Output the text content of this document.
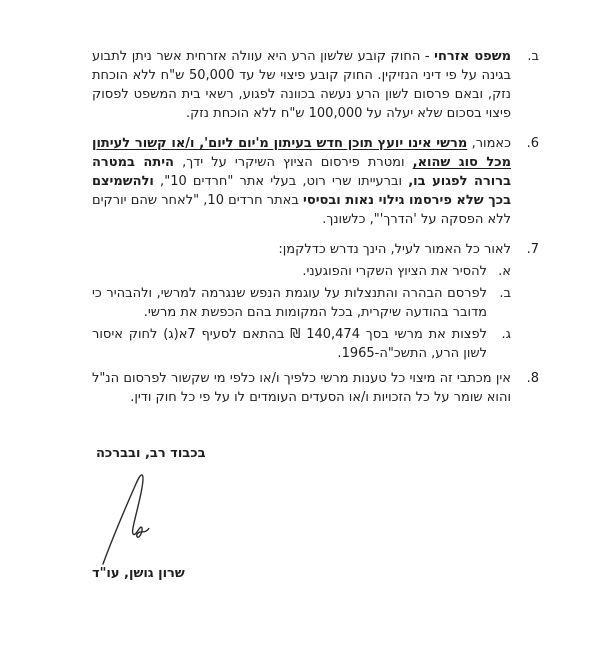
ב.
משפט אזרחי - החוק קובע שלשון הרע היא עוולה אזרחית אשר ניתן לתבוע בגינה על פי דיני הנזיקין. החוק קובע פיצוי של עד 50,000 ש"ח ללא הוכחת נזק, ובאם פרסום לשון הרע נעשה בכוונה לפגוע, רשאי בית המשפט לפסוק פיצוי בסכום שלא יעלה על 100,000 ש"ח ללא הוכחת נזק.
6.
כאמור, מרשי אינו יועץ תוכן חדש בעיתון מ'יום ליום', ו/או קשור לעיתון מכל סוג שהוא, ומטרת פירסום הציוץ השיקרי על ידך, היתה במטרה ברורה לפגוע בו, וברעייתו שרי רוט, בעלי אתר "חרדים 10", ולהשמיצם בכך שלא פירסמו גילוי נאות ובסיסי באתר חרדים 10, "לאחר שהם יורקים ללא הפסקה על 'הדרך'", כלשונך.
7.
לאור כל האמור לעיל, הינך נדרש כדלקמן:
א.
להסיר את הציוץ השקרי והפוגעני.
ב.
לפרסם הבהרה והתנצלות על עוגמת הנפש שנגרמה למרשי, ולהבהיר כי מדובר בהודעה שיקרית, בכל המקומות בהם הכפשת את מרשי.
ג.
לפצות את מרשי בסך 140,474 ₪ בהתאם לסעיף 7א(ג) לחוק איסור לשון הרע, התשכ"ה-1965.
8.
אין מכתבי זה מיצוי כל טענות מרשי כלפיך ו/או כלפי מי שקשור לפרסום הנ"ל והוא שומר על כל הזכויות ו/או הסעדים העומדים לו על פי כל חוק ודין.
בכבוד רב, ובברכה
שרון גושן, עו"ד
